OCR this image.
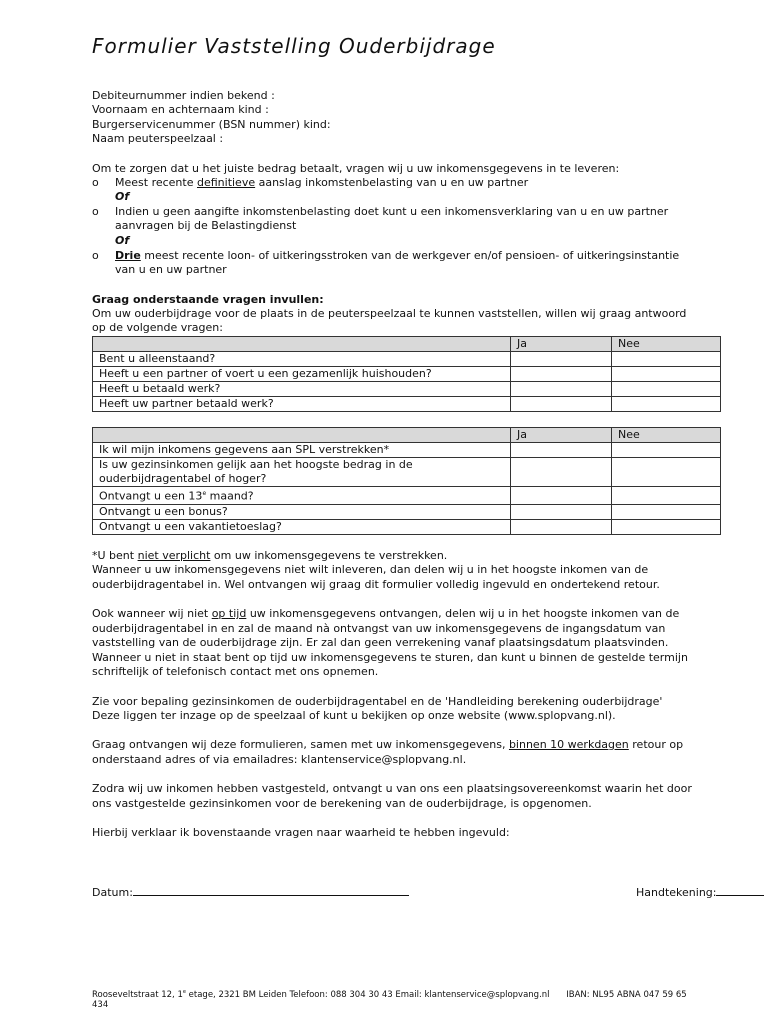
Formulier Vaststelling Ouderbijdrage
Debiteurnummer indien bekend :
Voornaam en achternaam kind :
Burgerservicenummer (BSN nummer) kind:
Naam peuterspeelzaal :
Om te zorgen dat u het juiste bedrag betaalt, vragen wij u uw inkomensgegevens in te leveren:
o Meest recente definitieve aanslag inkomstenbelasting van u en uw partner
Of
o Indien u geen aangifte inkomstenbelasting doet kunt u een inkomensverklaring van u en uw partner
aanvragen bij de Belastingdienst
Of
o Drie meest recente loon- of uitkeringsstroken van de werkgever en/of pensioen- of uitkeringsinstantie
van u en uw partner
Graag onderstaande vragen invullen:
Om uw ouderbijdrage voor de plaats in de peuterspeelzaal te kunnen vaststellen, willen wij graag antwoord
op de volgende vragen:
	Ja	Nee
Bent u alleenstaand?		
Heeft u een partner of voert u een gezamenlijk huishouden?		
Heeft u betaald werk?		
Heeft uw partner betaald werk?		
	Ja	Nee
Ik wil mijn inkomens gegevens aan SPL verstrekken*		
Is uw gezinsinkomen gelijk aan het hoogste bedrag in de
ouderbijdragentabel of hoger?		
Ontvangt u een 13e maand?		
Ontvangt u een bonus?		
Ontvangt u een vakantietoeslag?		
*U bent niet verplicht om uw inkomensgegevens te verstrekken.
Wanneer u uw inkomensgegevens niet wilt inleveren, dan delen wij u in het hoogste inkomen van de
ouderbijdragentabel in. Wel ontvangen wij graag dit formulier volledig ingevuld en ondertekend retour.
Ook wanneer wij niet op tijd uw inkomensgegevens ontvangen, delen wij u in het hoogste inkomen van de
ouderbijdragentabel in en zal de maand nà ontvangst van uw inkomensgegevens de ingangsdatum van
vaststelling van de ouderbijdrage zijn. Er zal dan geen verrekening vanaf plaatsingsdatum plaatsvinden.
Wanneer u niet in staat bent op tijd uw inkomensgegevens te sturen, dan kunt u binnen de gestelde termijn
schriftelijk of telefonisch contact met ons opnemen.
Zie voor bepaling gezinsinkomen de ouderbijdragentabel en de 'Handleiding berekening ouderbijdrage'
Deze liggen ter inzage op de speelzaal of kunt u bekijken op onze website (www.splopvang.nl).
Graag ontvangen wij deze formulieren, samen met uw inkomensgegevens, binnen 10 werkdagen retour op
onderstaand adres of via emailadres: klantenservice@splopvang.nl.
Zodra wij uw inkomen hebben vastgesteld, ontvangt u van ons een plaatsingsovereenkomst waarin het door
ons vastgestelde gezinsinkomen voor de berekening van de ouderbijdrage, is opgenomen.
Hierbij verklaar ik bovenstaande vragen naar waarheid te hebben ingevuld:
Datum:	Handtekening:
Rooseveltstraat 12, 1e etage, 2321 BM Leiden Telefoon: 088 304 30 43 Email: klantenservice@splopvang.nl IBAN: NL95 ABNA 047 59 65
434
